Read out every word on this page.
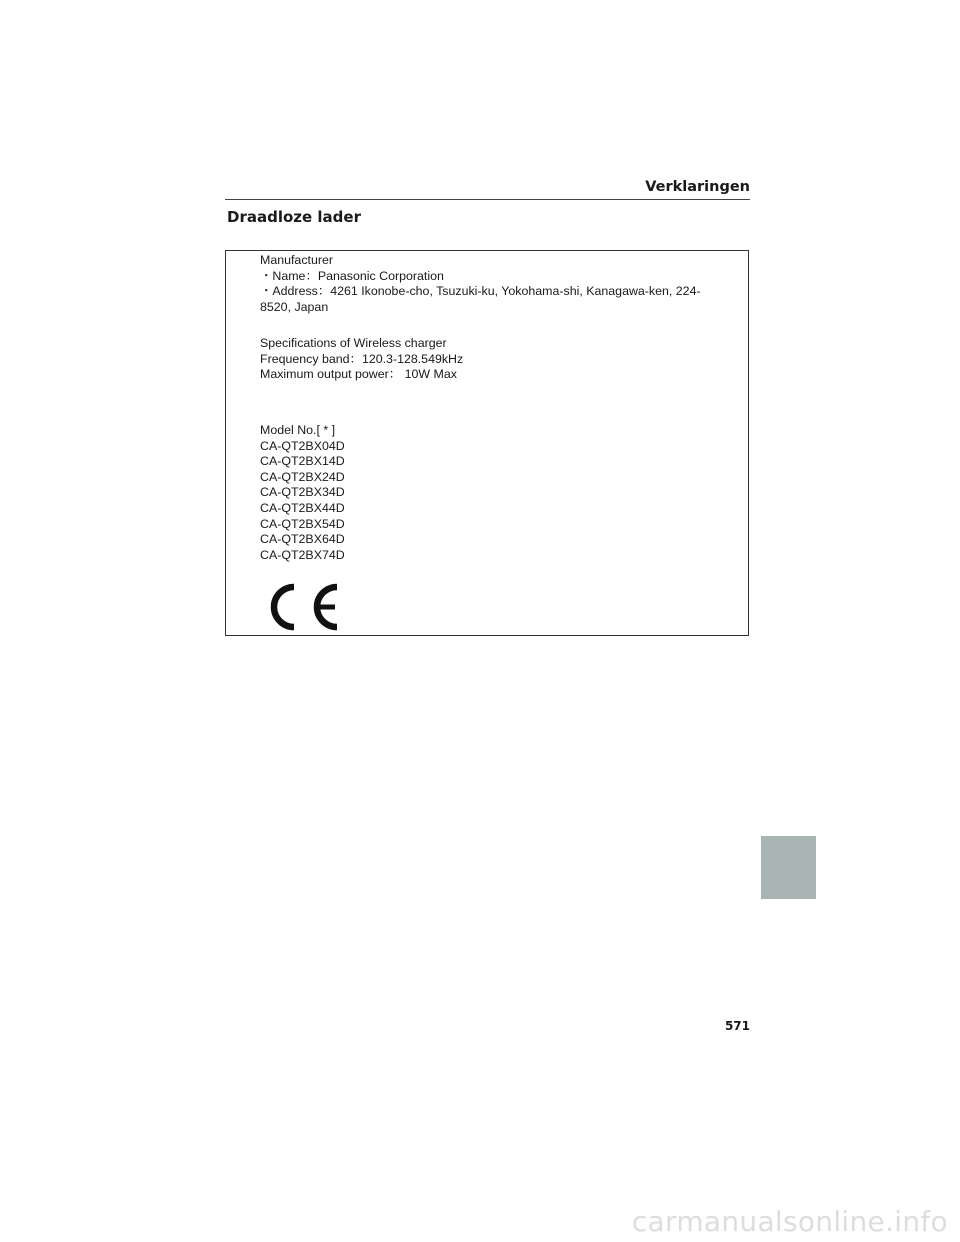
Verklaringen
Draadloze lader
Manufacturer
・Name：Panasonic Corporation
・Address：4261 Ikonobe-cho, Tsuzuki-ku, Yokohama-shi, Kanagawa-ken, 224-
8520, Japan
Specifications of Wireless charger
Frequency band：120.3-128.549kHz
Maximum output power： 10W Max
Model No.[ * ]
CA-QT2BX04D
CA-QT2BX14D
CA-QT2BX24D
CA-QT2BX34D
CA-QT2BX44D
CA-QT2BX54D
CA-QT2BX64D
CA-QT2BX74D
571
carmanualsonline.info
